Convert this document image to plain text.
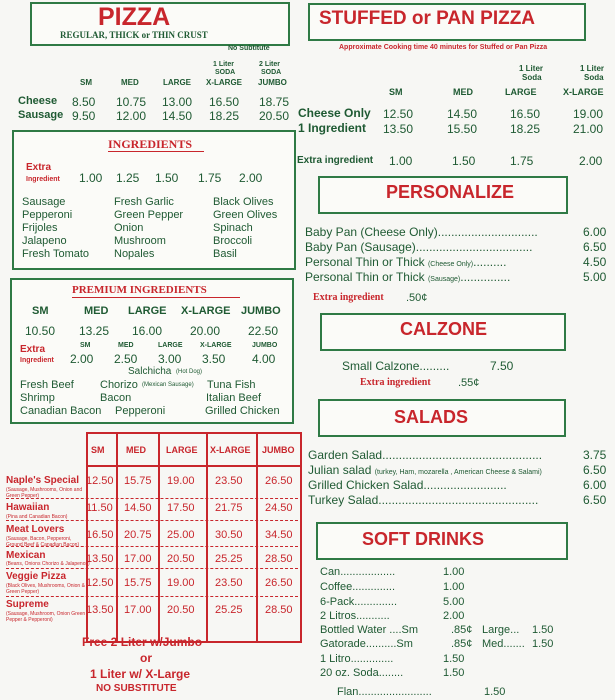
PIZZA
REGULAR, THICK or THIN CRUST
No Subtitute
1 Liter
SODA
2 Liter
SODA
SM	MED	LARGE X-LARGE JUMBO
Cheese 8.50 10.75 13.00 16.50 18.75
Sausage 9.50 12.00 14.50 18.25 20.50
INGREDIENTS
Extra
Ingredient 1.00 1.25 1.50 1.75 2.00
Sausage
Pepperoni
Frijoles
Jalapeno
Fresh Tomato
Fresh Garlic
Green Pepper
Onion
Mushroom
Nopales
Black Olives
Green Olives
Spinach
Broccoli
Basil
PREMIUM INGREDIENTS
SM	MED LARGE X-LARGE JUMBO
10.50 13.25 16.00 20.00 22.50
Extra
Ingredient
SM	MED	LARGE	X-LARGE	JUMBO
2.00 2.50 3.00 3.50 4.00
Salchicha (Hot Dog)
Fresh Beef
Shrimp
Canadian Bacon
Chorizo (Mexican Sausage)
Bacon
Pepperoni
Tuna Fish
Italian Beef
Grilled Chicken
SM MED LARGE X-LARGE JUMBO
Naple's Special
(Sausage, Mushrooms, Onion and Green Pepper)
12.50 15.75 19.00 23.50 26.50
Hawaiian
(Pina and Canadian Bacon)
11.50 14.50 17.50 21.75 24.50
Meat Lovers
(Sausage, Bacon, Pepperoni, Ground Beef & Canadian Bacon)
16.50 20.75 25.00 30.50 34.50
Mexican
(Beans, Onions Chorizo & Jalapenos)
13.50 17.00 20.50 25.25 28.50
Veggie Pizza
(Black Olives, Mushrooms, Onion & Green Pepper)
12.50 15.75 19.00 23.50 26.50
Supreme
(Sausage, Mushroom, Onion Green Pepper & Pepperoni)
13.50 17.00 20.50 25.25 28.50
Free 2 Liter w/Jumbo
or
1 Liter w/ X-Large
NO SUBSTITUTE
STUFFED or PAN PIZZA
Approximate Cooking time 40 minutes for Stuffed or Pan Pizza
1 Liter
Soda
1 Liter
Soda
SM	MED	LARGE	X-LARGE
Cheese Only 12.50	14.50	16.50	19.00
1 Ingredient 13.50	15.50	18.25	21.00
Extra ingredient 1.00	1.50	1.75	2.00
PERSONALIZE
Baby Pan (Cheese Only)..............................	6.00
Baby Pan (Sausage)...................................	6.50
Personal Thin or Thick (Cheese Only)..........	4.50
Personal Thin or Thick (Sausage)...............	5.00
Extra ingredient .50¢
CALZONE
Small Calzone.........	7.50
Extra ingredient .55¢
SALADS
Garden Salad................................................	3.75
Julian salad (turkey, Ham, mozarella , American Cheese & Salami)	6.50
Grilled Chicken Salad.........................	6.00
Turkey Salad................................................	6.50
SOFT DRINKS
Can..................	1.00
Coffee..............	1.00
6-Pack..............	5.00
2 Litros...........	2.00
Bottled Water ....Sm	.85¢ Large... 1.50
Gatorade..........Sm	.85¢ Med....... 1.50
1 Litro..............	1.50
20 oz. Soda........	1.50
Flan........................	1.50
